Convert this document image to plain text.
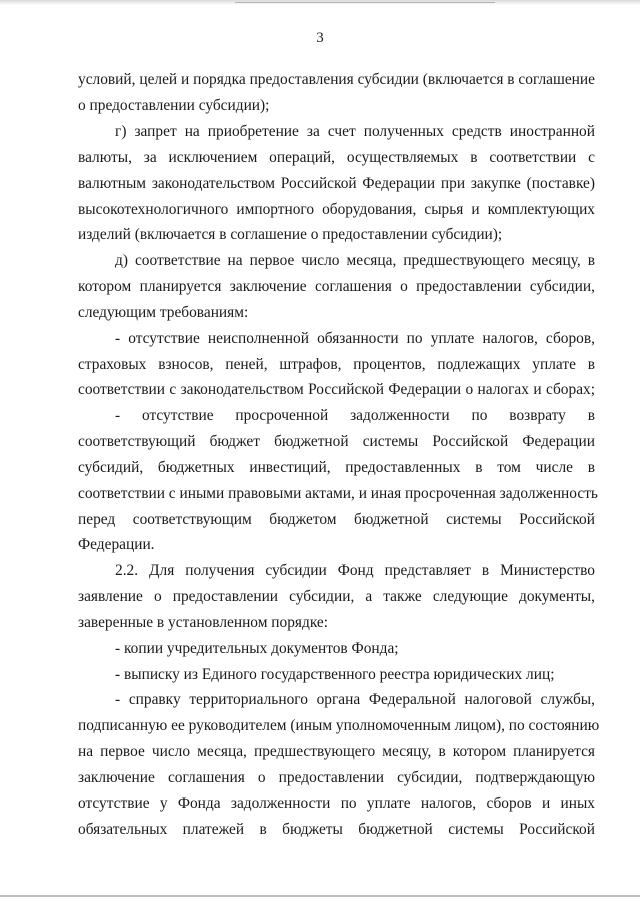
3
условий, целей и порядка предоставления субсидии (включается в соглашение
о предоставлении субсидии);
г) запрет на приобретение за счет полученных средств иностранной
валюты, за исключением операций, осуществляемых в соответствии с
валютным законодательством Российской Федерации при закупке (поставке)
высокотехнологичного импортного оборудования, сырья и комплектующих
изделий (включается в соглашение о предоставлении субсидии);
д) соответствие на первое число месяца, предшествующего месяцу, в
котором планируется заключение соглашения о предоставлении субсидии,
следующим требованиям:
- отсутствие неисполненной обязанности по уплате налогов, сборов,
страховых взносов, пеней, штрафов, процентов, подлежащих уплате в
соответствии с законодательством Российской Федерации о налогах и сборах;
- отсутствие просроченной задолженности по возврату в
соответствующий бюджет бюджетной системы Российской Федерации
субсидий, бюджетных инвестиций, предоставленных в том числе в
соответствии с иными правовыми актами, и иная просроченная задолженность
перед соответствующим бюджетом бюджетной системы Российской
Федерации.
2.2. Для получения субсидии Фонд представляет в Министерство
заявление о предоставлении субсидии, а также следующие документы,
заверенные в установленном порядке:
- копии учредительных документов Фонда;
- выписку из Единого государственного реестра юридических лиц;
- справку территориального органа Федеральной налоговой службы,
подписанную ее руководителем (иным уполномоченным лицом), по состоянию
на первое число месяца, предшествующего месяцу, в котором планируется
заключение соглашения о предоставлении субсидии, подтверждающую
отсутствие у Фонда задолженности по уплате налогов, сборов и иных
обязательных платежей в бюджеты бюджетной системы Российской
